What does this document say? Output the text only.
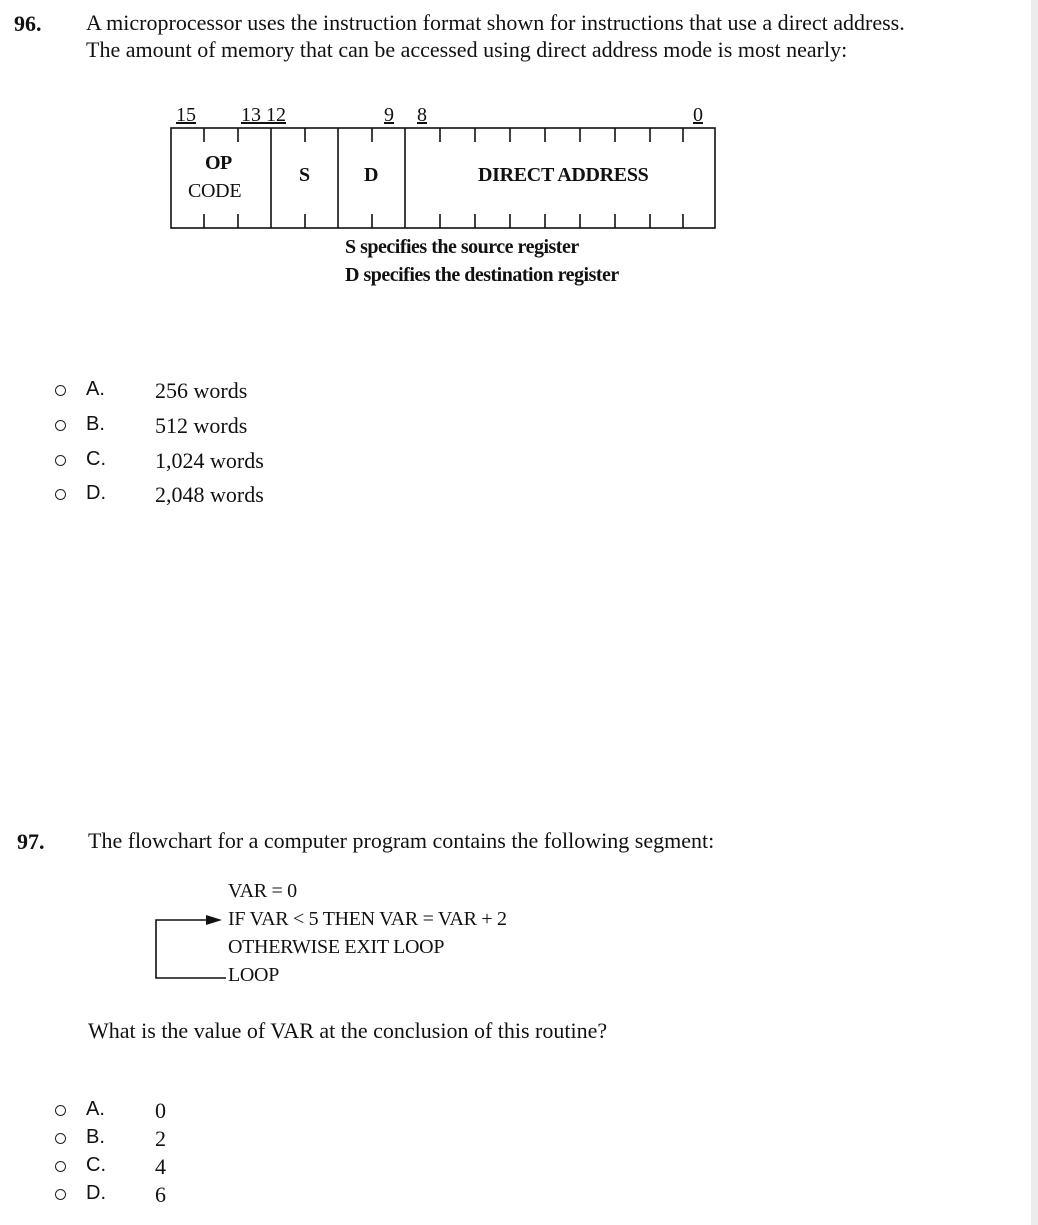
96. A microprocessor uses the instruction format shown for instructions that use a direct address.
The amount of memory that can be accessed using direct address mode is most nearly:
15 13 12	9 8	0
OP
CODE
S	D	DIRECT ADDRESS
S specifies the source register
D specifies the destination register
A. 256 words
B. 512 words
C. 1,024 words
D. 2,048 words
97. The flowchart for a computer program contains the following segment:
VAR = 0
IF VAR < 5 THEN VAR = VAR + 2
OTHERWISE EXIT LOOP
LOOP
What is the value of VAR at the conclusion of this routine?
A. 0
B. 2
C. 4
D. 6
